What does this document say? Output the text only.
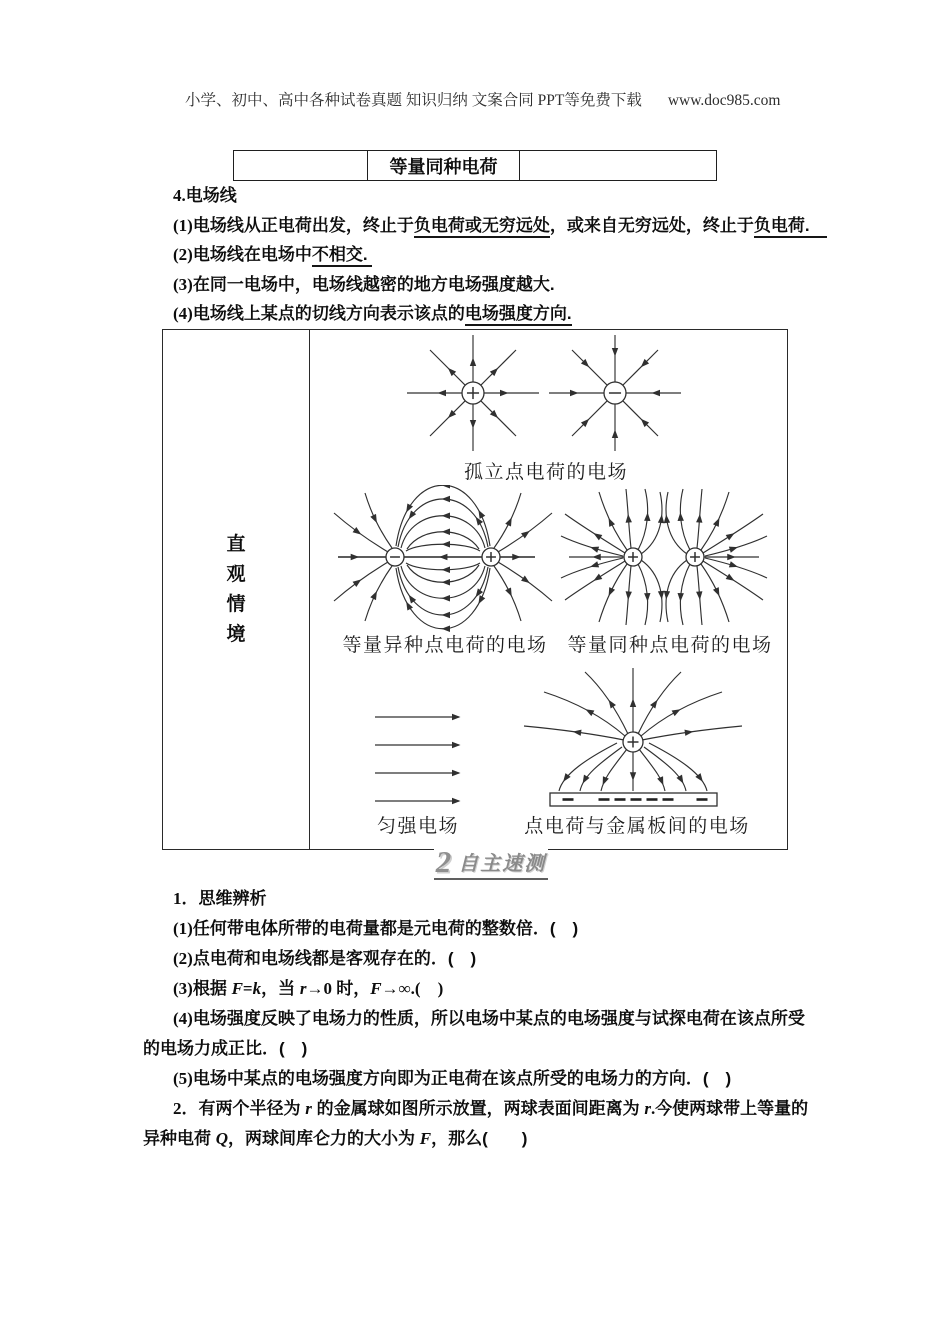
小学、初中、高中各种试卷真题 知识归纳 文案合同 PPT等免费下载 www.doc985.com

等量同种电荷
4.电场线
(1)电场线从正电荷出发，终止于负电荷或无穷远处，或来自无穷远处，终止于负电荷.　
(2)电场线在电场中不相交.
(3)在同一电场中，电场线越密的地方电场强度越大.
(4)电场线上某点的切线方向表示该点的电场强度方向.
直
观
情
境
孤立点电荷的电场
等量异种点电荷的电场	等量同种点电荷的电场
匀强电场	点电荷与金属板间的电场
2 自主速测
1．思维辨析
(1)任何带电体所带的电荷量都是元电荷的整数倍．(　)
(2)点电荷和电场线都是客观存在的．(　)
(3)根据 F=k，当 r→0 时，F→∞.(　)
(4)电场强度反映了电场力的性质，所以电场中某点的电场强度与试探电荷在该点所受
的电场力成正比．(　)
(5)电场中某点的电场强度方向即为正电荷在该点所受的电场力的方向．(　)
2．有两个半径为 r 的金属球如图所示放置，两球表面间距离为 r.今使两球带上等量的
异种电荷 Q，两球间库仑力的大小为 F，那么(　　)
